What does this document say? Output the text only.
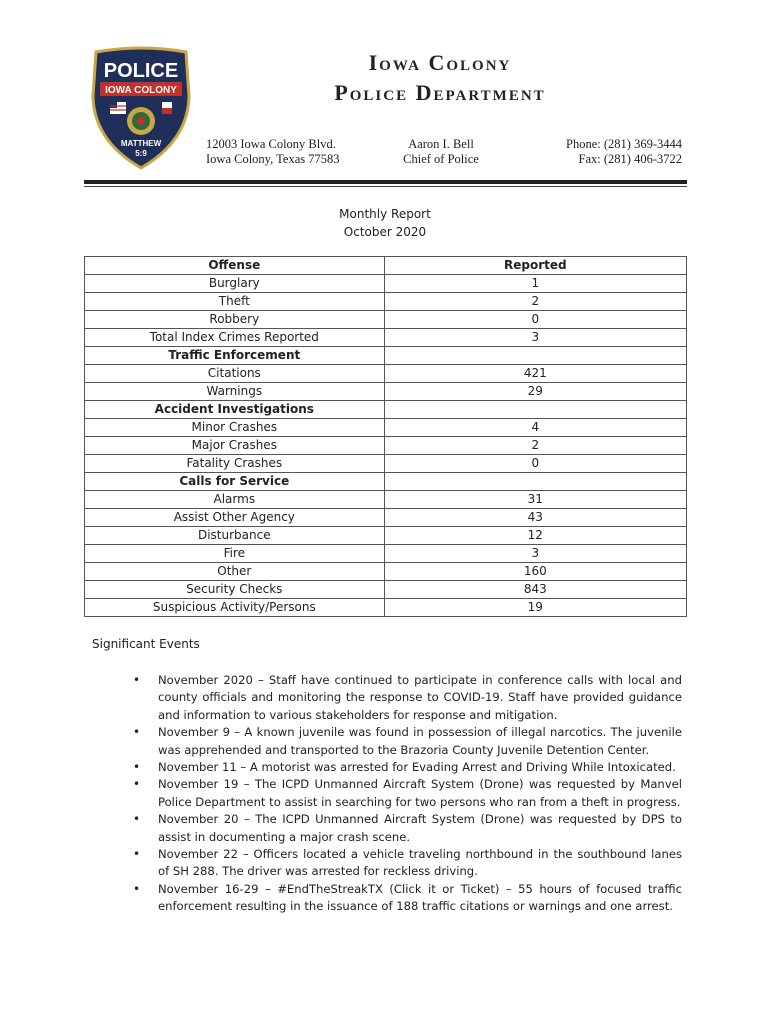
POLICE
IOWA COLONY
MATTHEW
5:9
Iowa Colony
Police Department
12003 Iowa Colony Blvd.
Iowa Colony, Texas 77583
Aaron I. Bell
Chief of Police
Phone: (281) 369-3444
Fax: (281) 406-3722
Monthly Report
October 2020
Offense	Reported
Burglary	1
Theft	2
Robbery	0
Total Index Crimes Reported	3
Traffic Enforcement	
Citations	421
Warnings	29
Accident Investigations	
Minor Crashes	4
Major Crashes	2
Fatality Crashes	0
Calls for Service	
Alarms	31
Assist Other Agency	43
Disturbance	12
Fire	3
Other	160
Security Checks	843
Suspicious Activity/Persons	19
Significant Events
• November 2020 – Staff have continued to participate in conference calls with local and county officials and monitoring the response to COVID-19. Staff have provided guidance and information to various stakeholders for response and mitigation.
• November 9 – A known juvenile was found in possession of illegal narcotics. The juvenile was apprehended and transported to the Brazoria County Juvenile Detention Center.
• November 11 – A motorist was arrested for Evading Arrest and Driving While Intoxicated.
• November 19 – The ICPD Unmanned Aircraft System (Drone) was requested by Manvel Police Department to assist in searching for two persons who ran from a theft in progress.
• November 20 – The ICPD Unmanned Aircraft System (Drone) was requested by DPS to assist in documenting a major crash scene.
• November 22 – Officers located a vehicle traveling northbound in the southbound lanes of SH 288. The driver was arrested for reckless driving.
• November 16-29 – #EndTheStreakTX (Click it or Ticket) – 55 hours of focused traffic enforcement resulting in the issuance of 188 traffic citations or warnings and one arrest.
